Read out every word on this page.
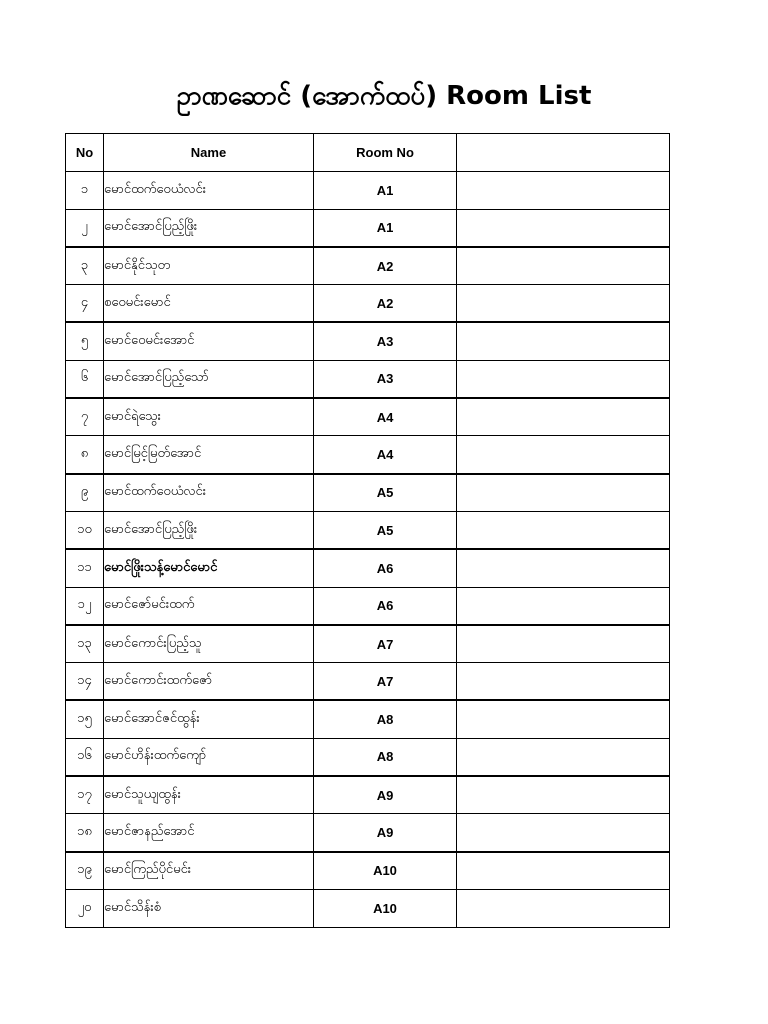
ဥာဏဆောင် (အောက်ထပ်) Room List
No	Name	Room No	
၁	မောင်ထက်ဝေယံလင်း	A1	
၂	မောင်အောင်ပြည့်ဖြိုး	A1	
၃	မောင်နိုင်သုတ	A2	
၄	စဝေမင်းမောင်	A2	
၅	မောင်ဝေမင်းအောင်	A3	
၆	မောင်အောင်ပြည့်သော်	A3	
၇	မောင်ရဲသွေး	A4	
၈	မောင်မြင့်မြတ်အောင်	A4	
၉	မောင်ထက်ဝေယံလင်း	A5	
၁၀	မောင်အောင်ပြည့်ဖြိုး	A5	
၁၁	မောင်ဖြိုးသန့်မောင်မောင်	A6	
၁၂	မောင်ဇော်မင်းထက်	A6	
၁၃	မောင်ကောင်းပြည့်သူ	A7	
၁၄	မောင်ကောင်းထက်ဇော်	A7	
၁၅	မောင်အောင်ဇင်ထွန်း	A8	
၁၆	မောင်ဟိန်းထက်ကျော်	A8	
၁၇	မောင်သူယျထွန်း	A9	
၁၈	မောင်ဇာနည်အောင်	A9	
၁၉	မောင်ကြည်ပိုင်မင်း	A10	
၂၀	မောင်သိန်းစံ	A10	
